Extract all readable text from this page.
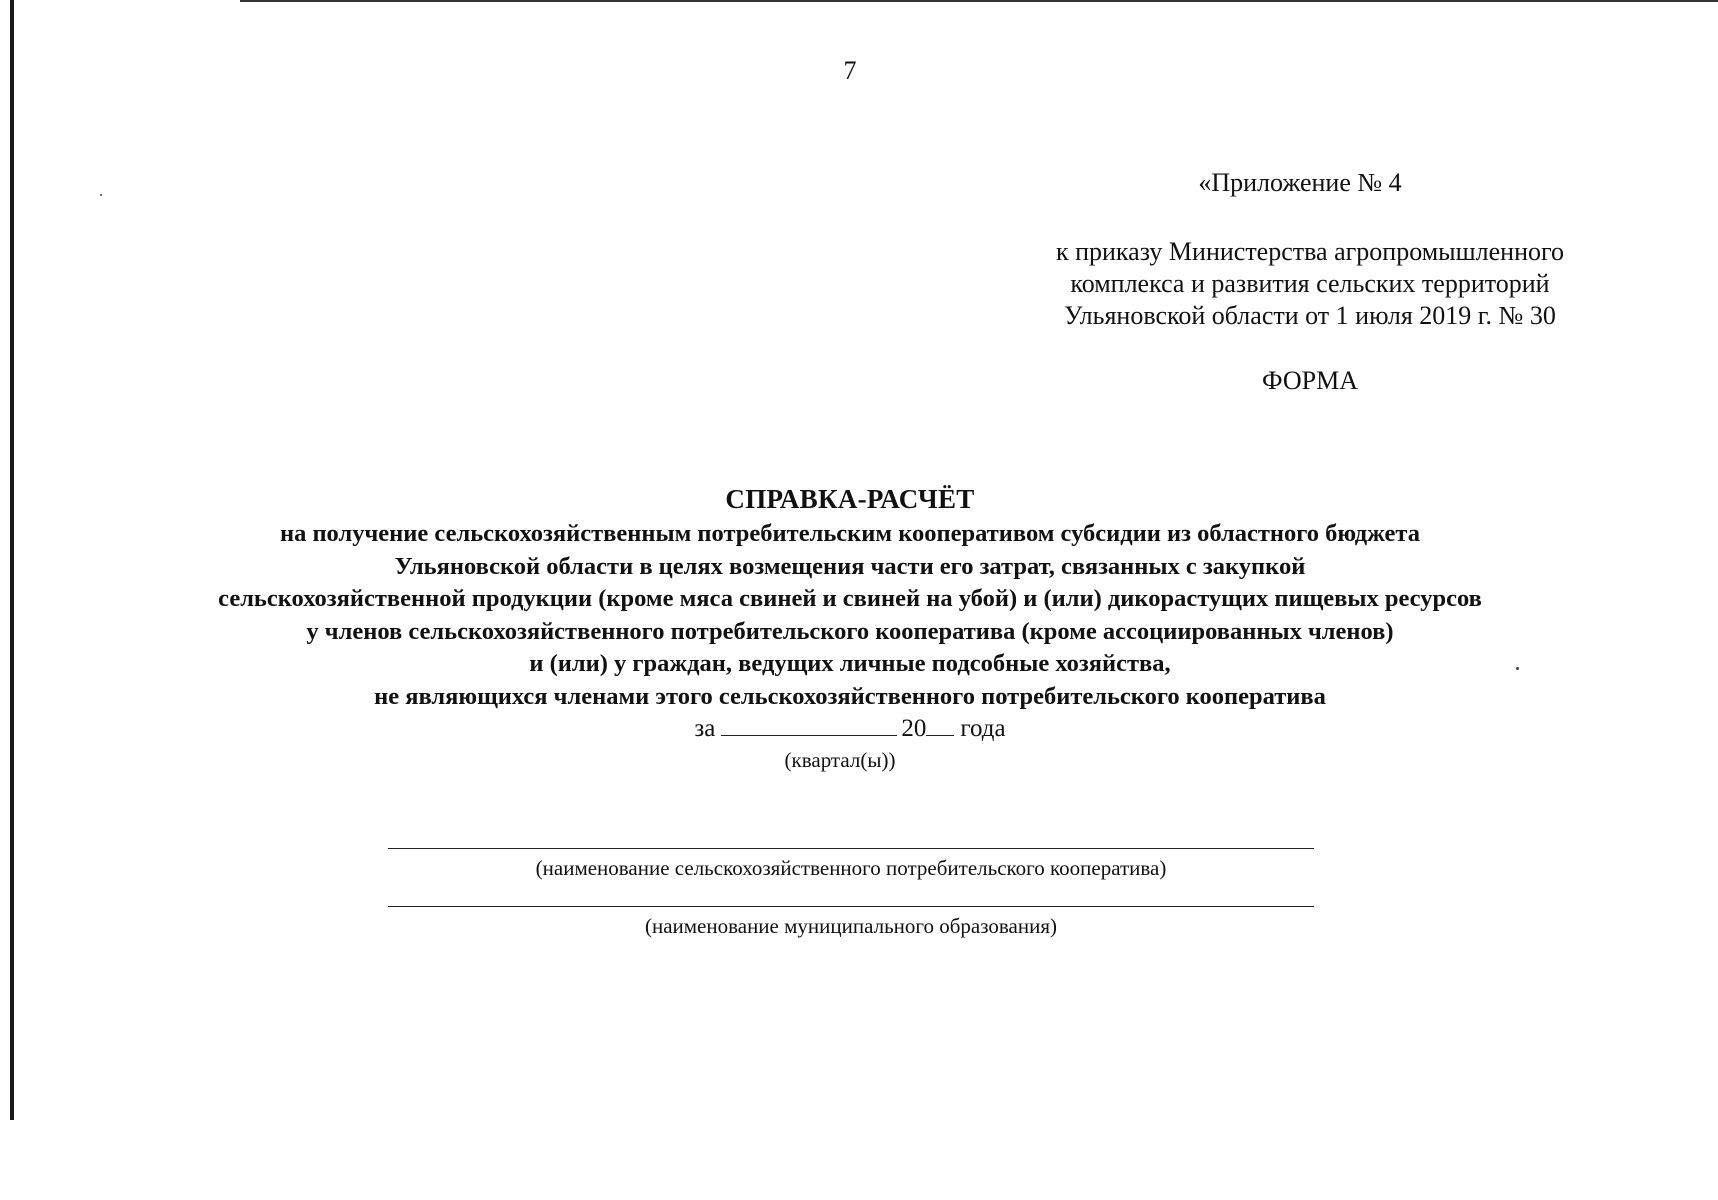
7
«Приложение № 4
к приказу Министерства агропромышленного
комплекса и развития сельских территорий
Ульяновской области от 1 июля 2019 г. № 30
ФОРМА
СПРАВКА-РАСЧЁТ
на получение сельскохозяйственным потребительским кооперативом субсидии из областного бюджета
Ульяновской области в целях возмещения части его затрат, связанных с закупкой
сельскохозяйственной продукции (кроме мяса свиней и свиней на убой) и (или) дикорастущих пищевых ресурсов
у членов сельскохозяйственного потребительского кооператива (кроме ассоциированных членов)
и (или) у граждан, ведущих личные подсобные хозяйства,
не являющихся членами этого сельскохозяйственного потребительского кооператива
за	20 года
(квартал(ы))
(наименование сельскохозяйственного потребительского кооператива)
(наименование муниципального образования)
